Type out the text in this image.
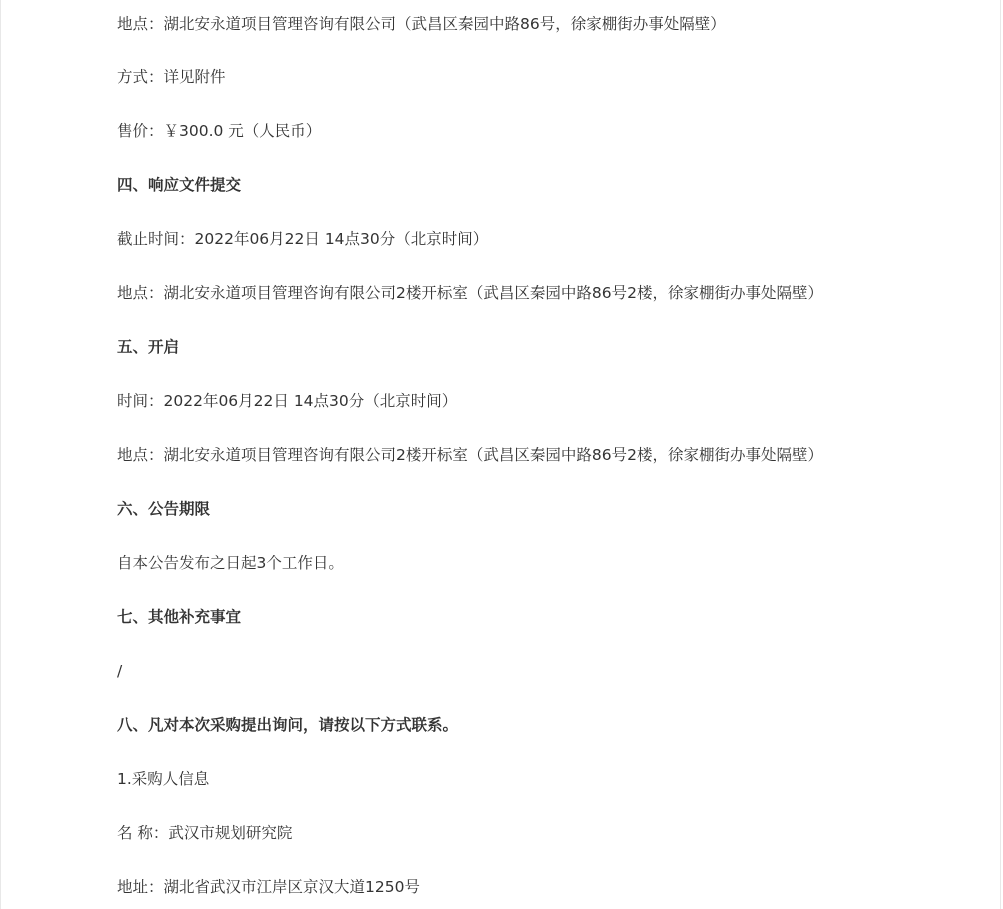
地点：湖北安永道项目管理咨询有限公司（武昌区秦园中路86号，徐家棚街办事处隔壁）

方式：详见附件

售价：￥300.0 元（人民币）

四、响应文件提交

截止时间：2022年06月22日 14点30分（北京时间）

地点：湖北安永道项目管理咨询有限公司2楼开标室（武昌区秦园中路86号2楼，徐家棚街办事处隔壁）

五、开启

时间：2022年06月22日 14点30分（北京时间）

地点：湖北安永道项目管理咨询有限公司2楼开标室（武昌区秦园中路86号2楼，徐家棚街办事处隔壁）

六、公告期限

自本公告发布之日起3个工作日。

七、其他补充事宜

/

八、凡对本次采购提出询问，请按以下方式联系。

1.采购人信息

名 称：武汉市规划研究院

地址：湖北省武汉市江岸区京汉大道1250号
